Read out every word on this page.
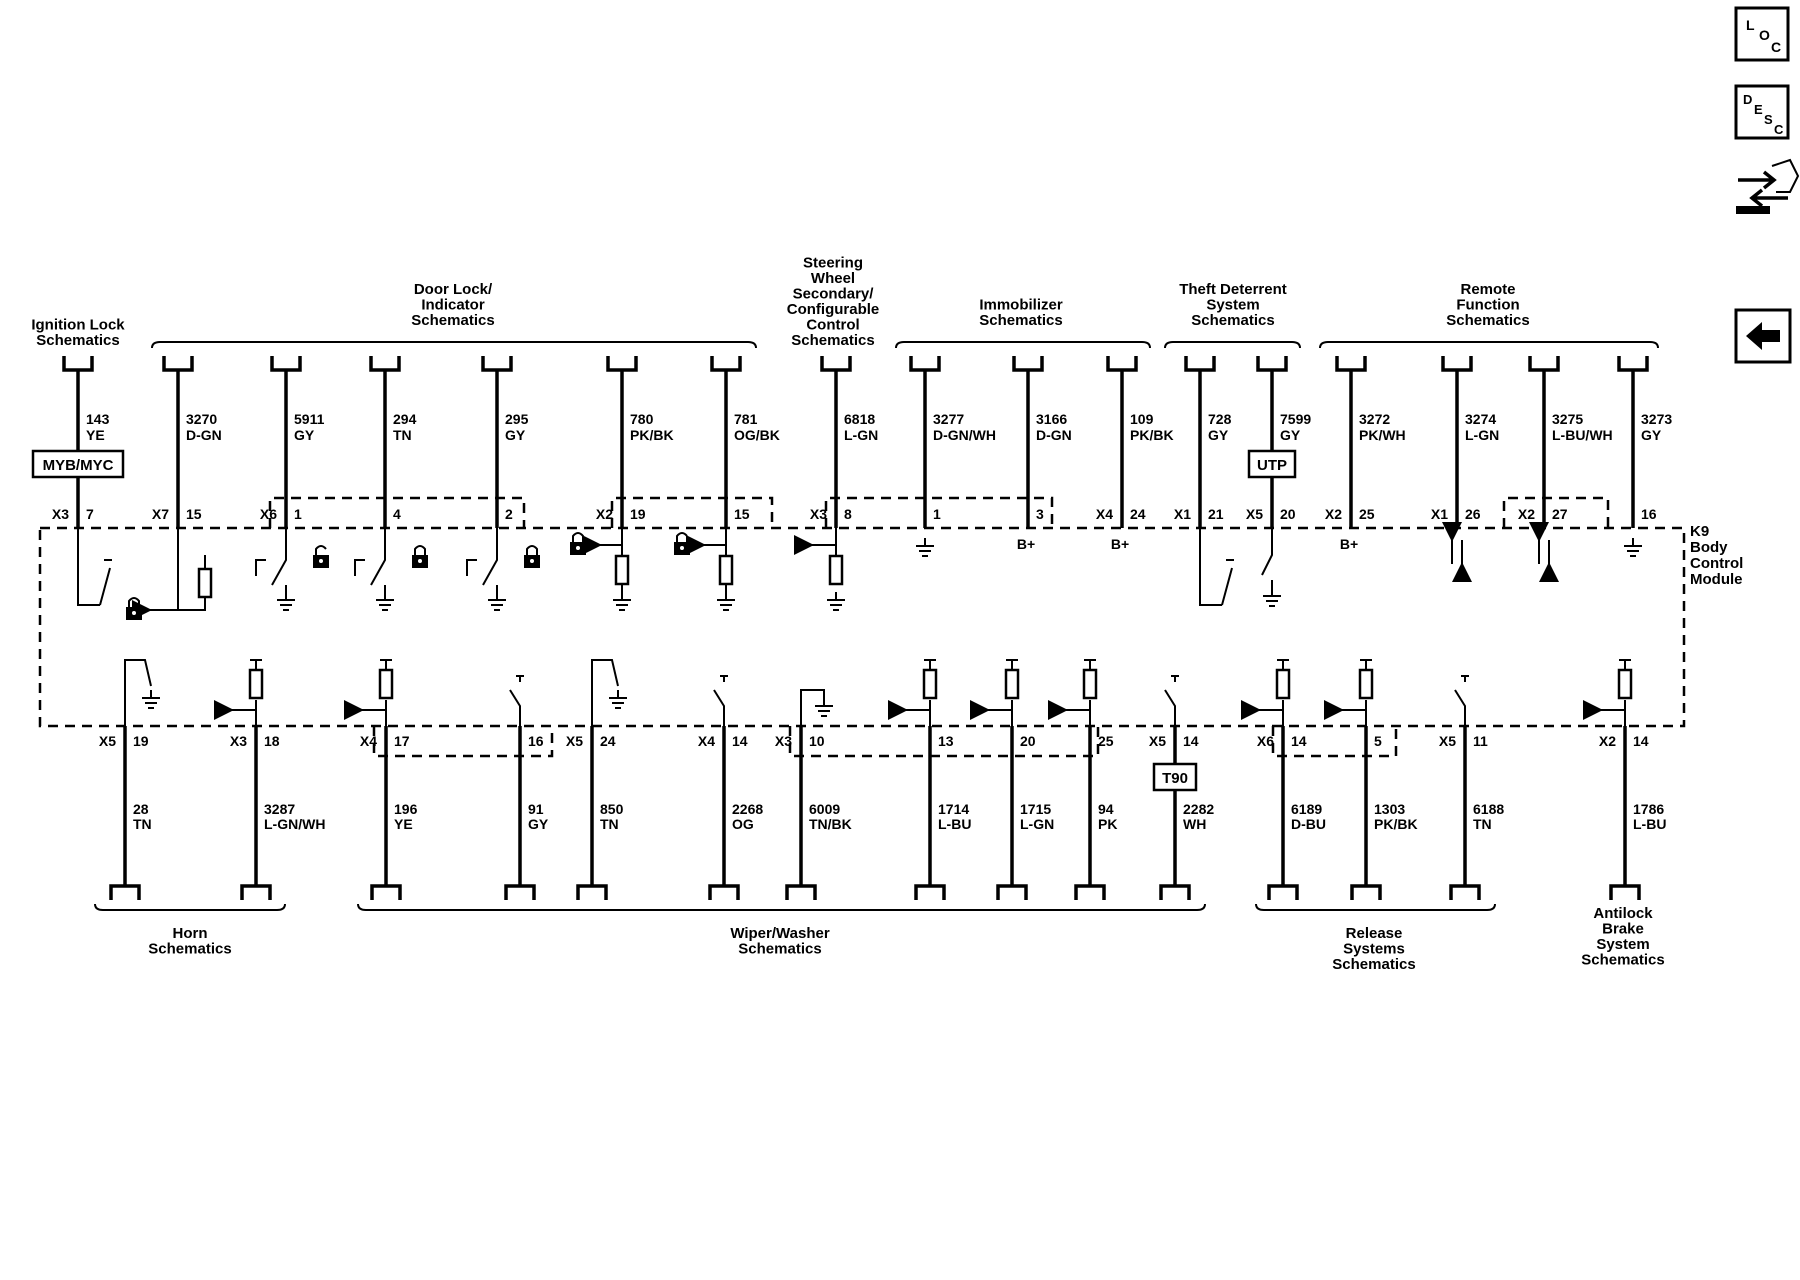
L
O
C
D
E
S
C
K9
Body
Control
Module
Ignition Lock
Schematics
Door Lock/
Indicator
Schematics
Steering
Wheel
Secondary/
Configurable
Control
Schematics
Immobilizer
Schematics
Theft Deterrent
System
Schematics
Remote
Function
Schematics
Horn
Schematics
Wiper/Washer
Schematics
Release
Systems
Schematics
Antilock
Brake
System
Schematics
143
YE
X3 7
MYB/MYC
3270
D-GN
X7 15
5911
GY
X6 1
294
TN
4
295
GY
2
780
PK/BK
X2 19
781
OG/BK
15
6818
L-GN
X3 8
3277
D-GN/WH
1
3166
D-GN
3
B+
109
PK/BK
X4 24
B+
728
GY
X1 21
7599
GY
X5 20
UTP
3272
PK/WH
X2 25
B+
3274
L-GN
X1 26
3275
L-BU/WH
X2 27
3273
GY
16
X5 19
28
TN
X3 18
3287
L-GN/WH
X4 17
196
YE
16
91
GY
X5 24
850
TN
X4 14
2268
OG
X3 10
6009
TN/BK
13
1714
L-BU
20
1715
L-GN
25
94
PK
X5 14
2282
WH
T90
X6 14
6189
D-BU
5
1303
PK/BK
X5 11
6188
TN
X2 14
1786
L-BU
